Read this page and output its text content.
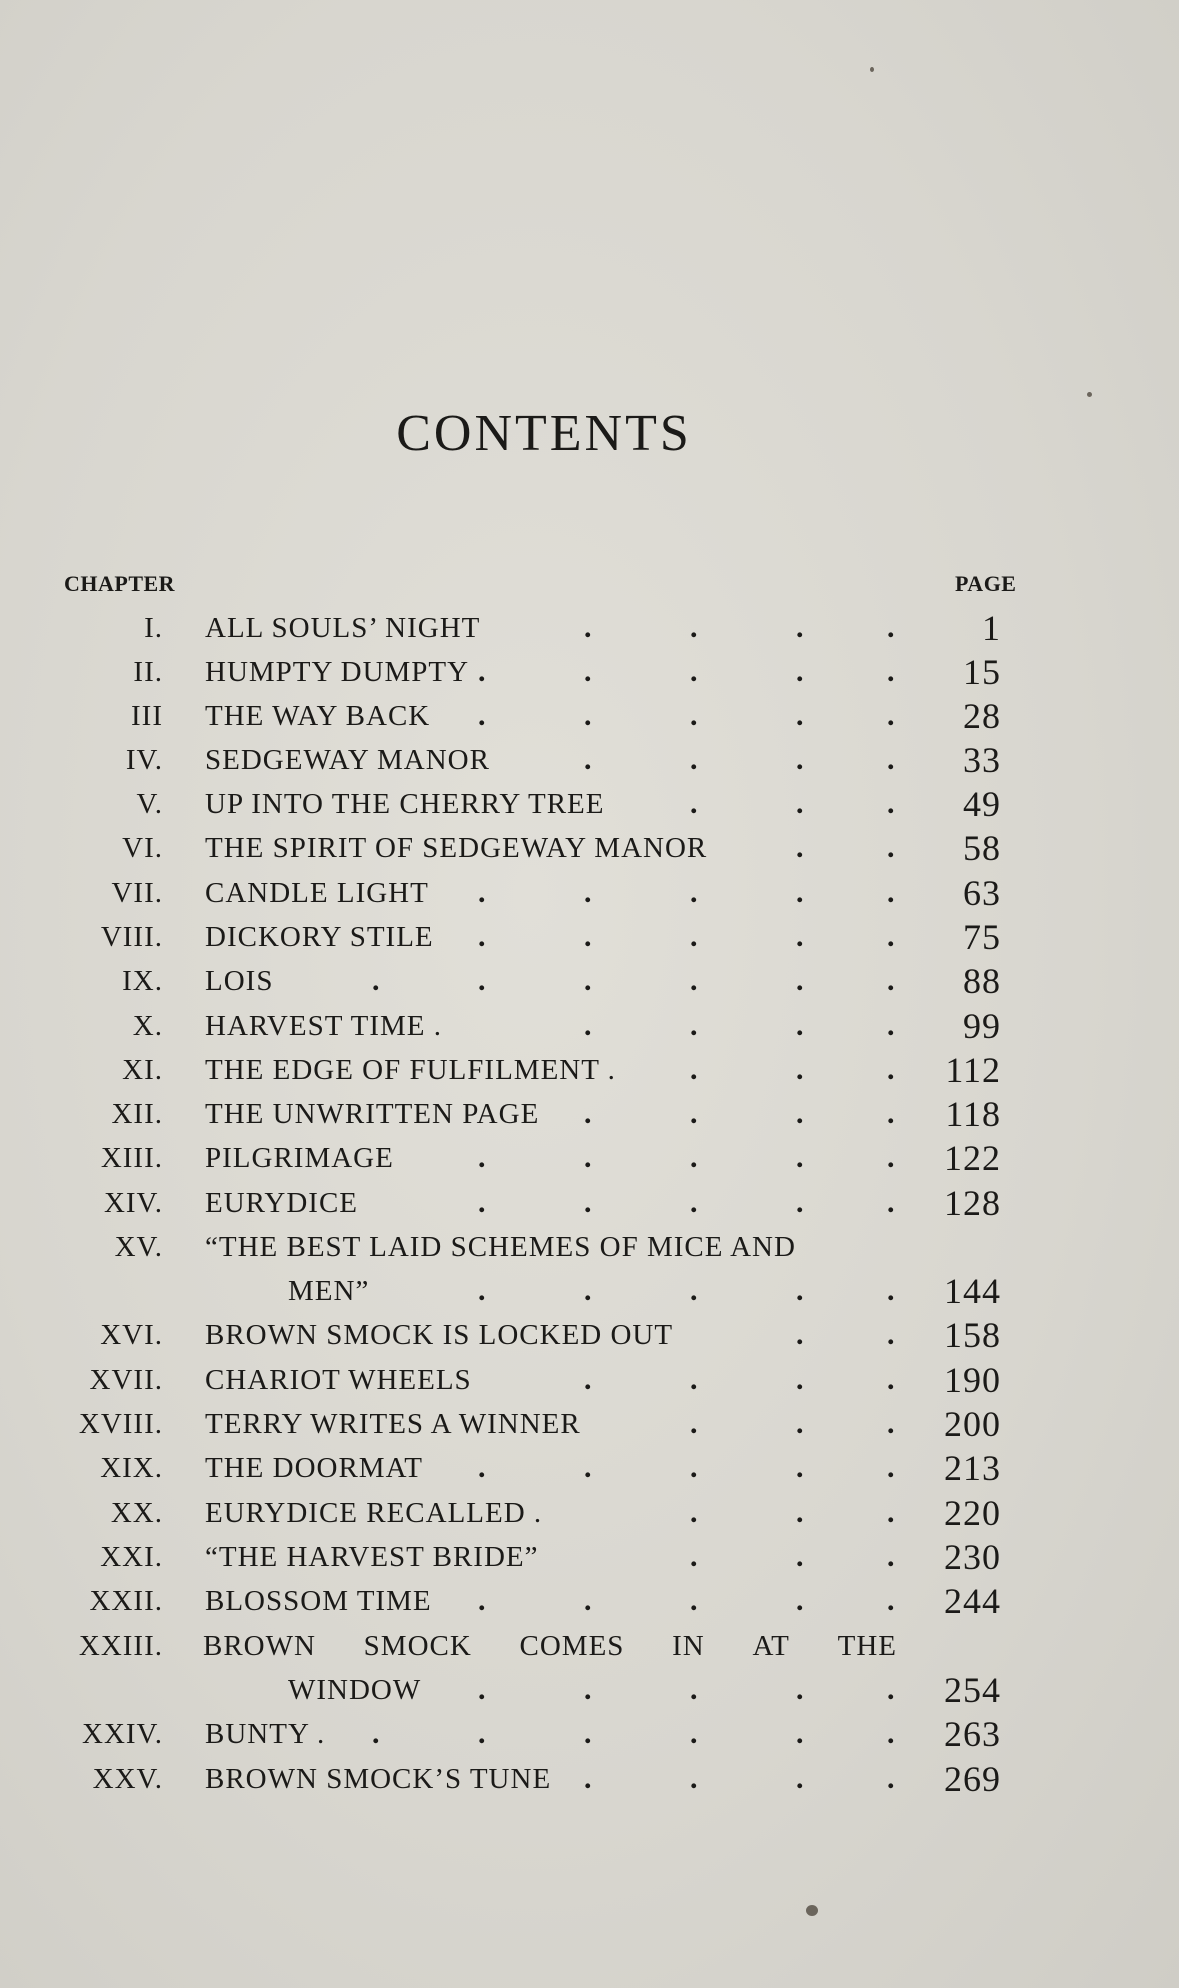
CONTENTS
CHAPTER	PAGE
I. ALL SOULS’ NIGHT	.	.	.	. 1
II. HUMPTY DUMPTY .	.	.	.	. 15
III THE WAY BACK .	.	.	.	. 28
IV. SEDGEWAY MANOR	.	.	.	. 33
V. UP INTO THE CHERRY TREE	.	.	. 49
VI. THE SPIRIT OF SEDGEWAY MANOR	.	. 58
VII. CANDLE LIGHT .	.	.	.	. 63
VIII. DICKORY STILE .	.	.	.	. 75
IX. LOIS	.	.	.	.	.	. 88
X. HARVEST TIME .	.	.	.	. 99
XI. THE EDGE OF FULFILMENT . .	.	. 112
XII. THE UNWRITTEN PAGE .	.	.	. 118
XIII. PILGRIMAGE	.	.	.	.	. 122
XIV. EURYDICE	.	.	.	.	. 128
XV. “THE BEST LAID SCHEMES OF MICE AND
MEN”	.	.	.	.	. 144
XVI. BROWN SMOCK IS LOCKED OUT	.	. 158
XVII. CHARIOT WHEELS	.	.	.	. 190
XVIII. TERRY WRITES A WINNER	.	.	. 200
XIX. THE DOORMAT .	.	.	.	. 213
XX. EURYDICE RECALLED .	.	.	. 220
XXI. “THE HARVEST BRIDE”	.	.	. 230
XXII. BLOSSOM TIME .	.	.	.	. 244
XXIII. BROWN SMOCK COMES IN AT THE
WINDOW .	.	.	.	. 254
XXIV. BUNTY . .	.	.	.	.	. 263
XXV. BROWN SMOCK’S TUNE .	.	.	. 269
